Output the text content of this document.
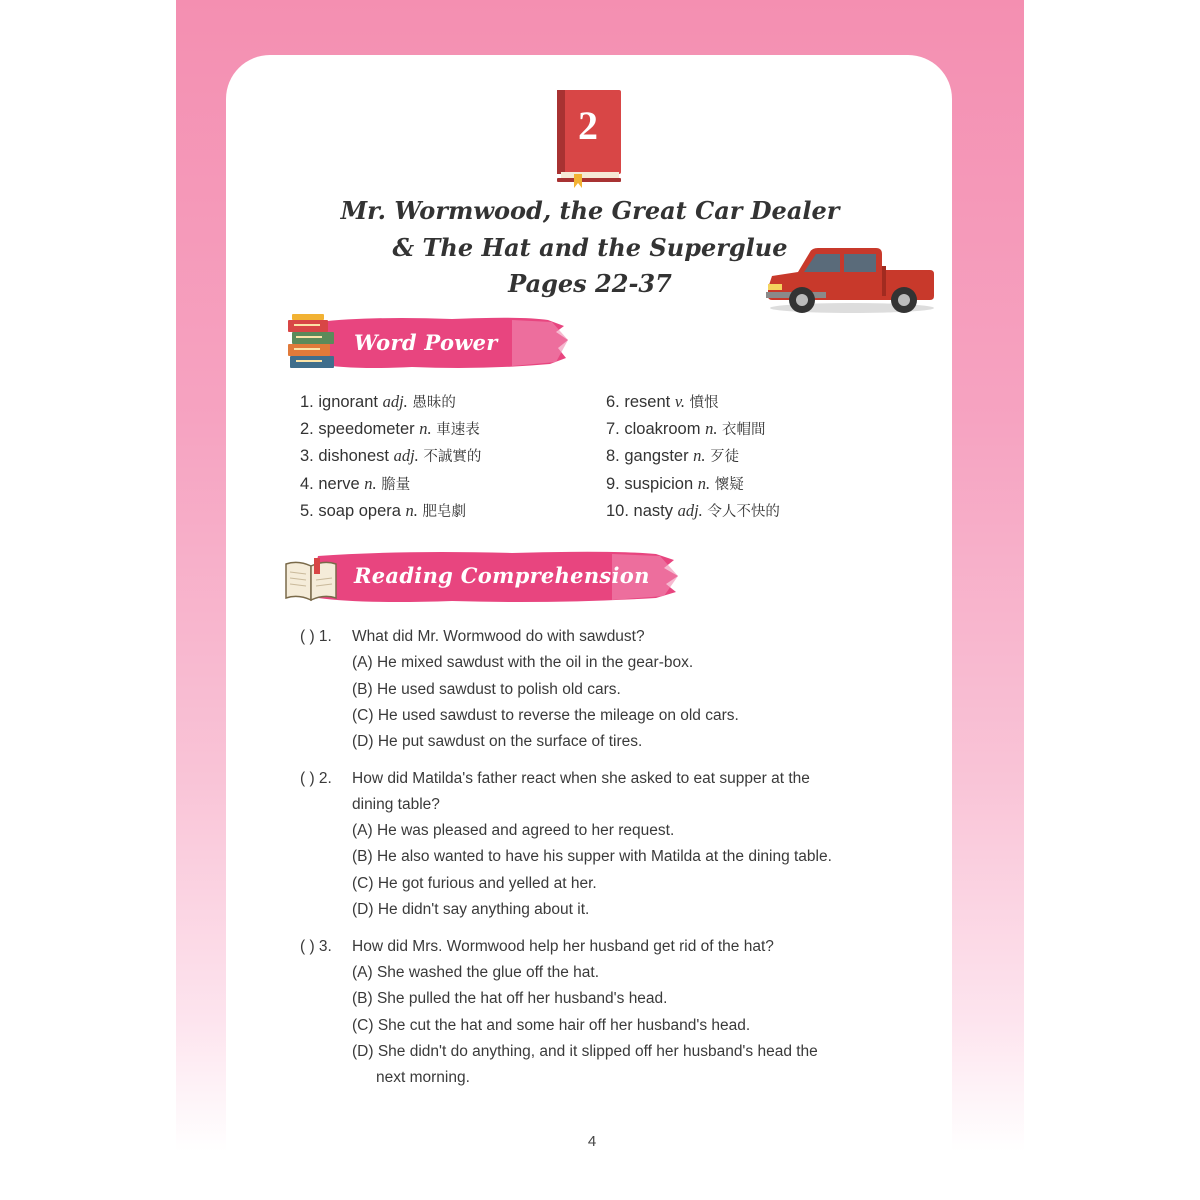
2
Mr. Wormwood, the Great Car Dealer
& The Hat and the Superglue
Pages 22-37
Word Power
1. ignorant adj. 愚昧的
2. speedometer n. 車速表
3. dishonest adj. 不誠實的
4. nerve n. 膽量
5. soap opera n. 肥皂劇
6. resent v. 憤恨
7. cloakroom n. 衣帽間
8. gangster n. 歹徒
9. suspicion n. 懷疑
10. nasty adj. 令人不快的
Reading Comprehension
( ) 1. What did Mr. Wormwood do with sawdust?
(A) He mixed sawdust with the oil in the gear-box.
(B) He used sawdust to polish old cars.
(C) He used sawdust to reverse the mileage on old cars.
(D) He put sawdust on the surface of tires.
( ) 2. How did Matilda's father react when she asked to eat supper at the
dining table?
(A) He was pleased and agreed to her request.
(B) He also wanted to have his supper with Matilda at the dining table.
(C) He got furious and yelled at her.
(D) He didn't say anything about it.
( ) 3. How did Mrs. Wormwood help her husband get rid of the hat?
(A) She washed the glue off the hat.
(B) She pulled the hat off her husband's head.
(C) She cut the hat and some hair off her husband's head.
(D) She didn't do anything, and it slipped off her husband's head the
next morning.
4
